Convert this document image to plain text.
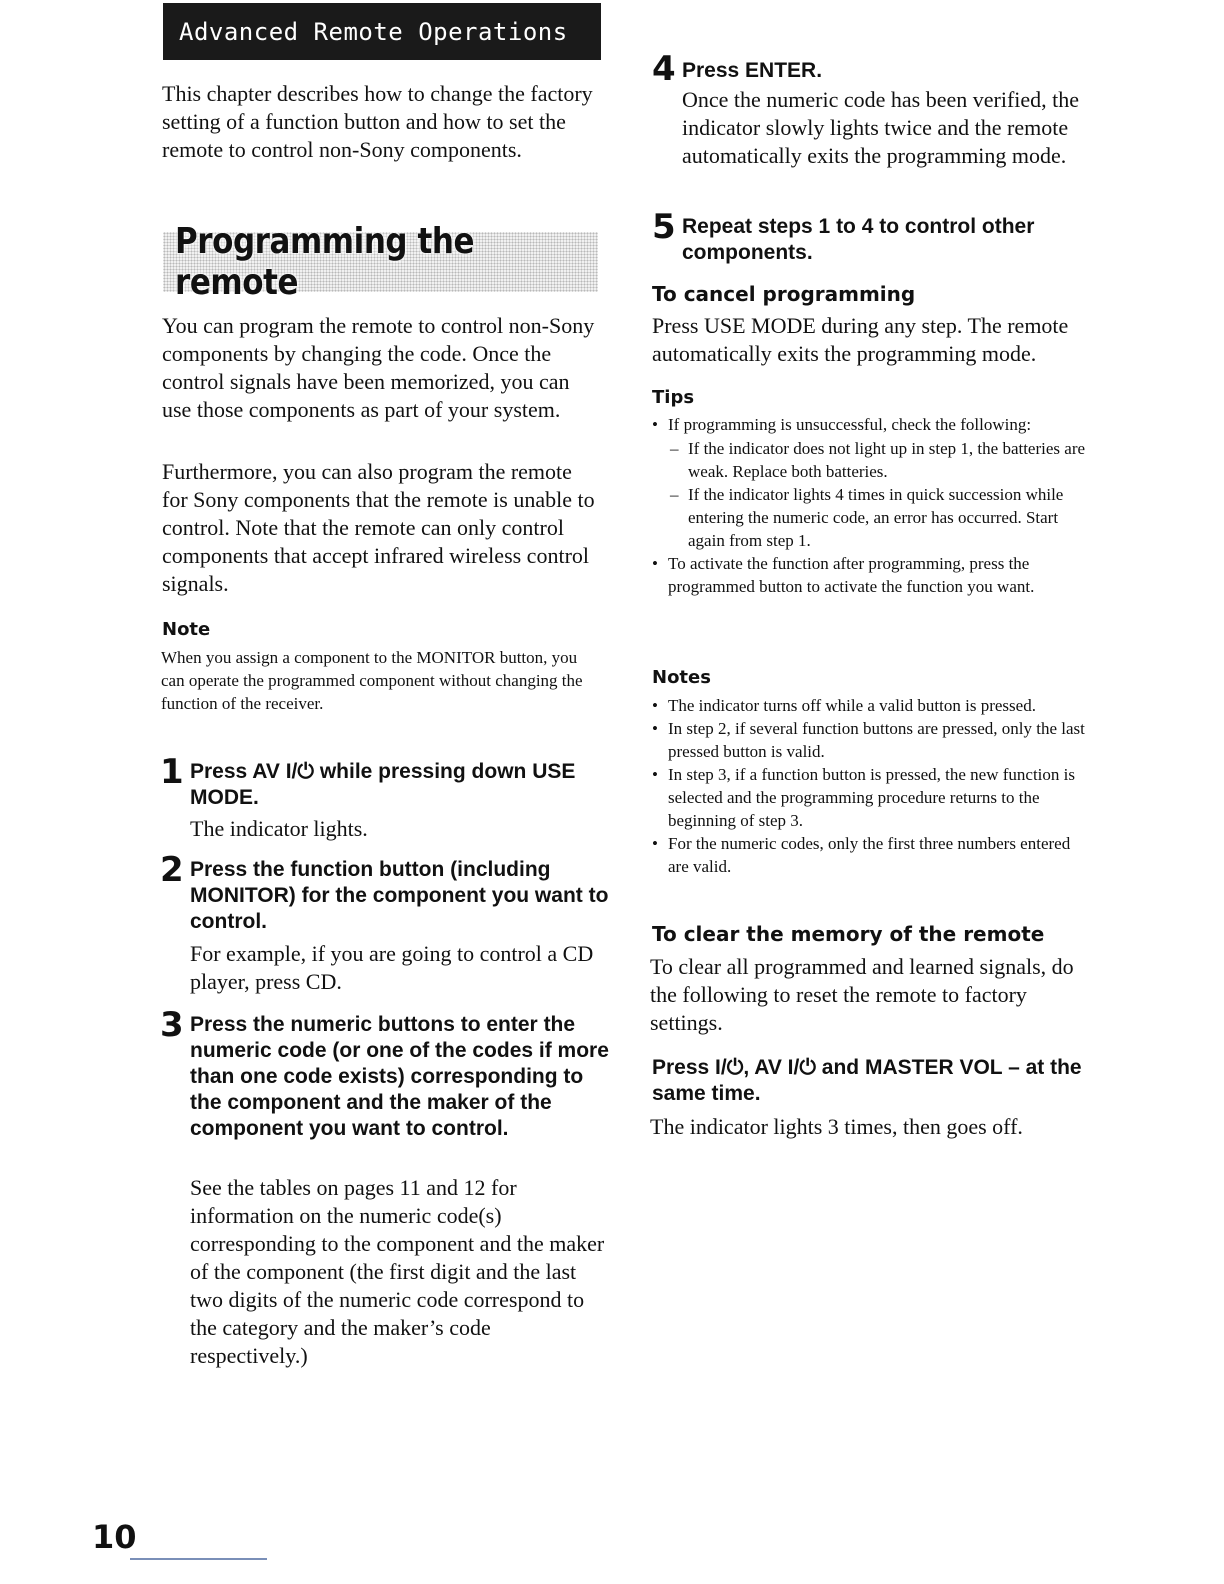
Advanced Remote Operations

This chapter describes how to change the factory setting of a function button and how to set the remote to control non-Sony components.

Programming the remote

You can program the remote to control non-Sony components by changing the code. Once the control signals have been memorized, you can use those components as part of your system.

Furthermore, you can also program the remote for Sony components that the remote is unable to control. Note that the remote can only control components that accept infrared wireless control signals.

Note

When you assign a component to the MONITOR button, you can operate the programmed component without changing the function of the receiver.

1 Press AV I/⏻ while pressing down USE MODE.

The indicator lights.

2 Press the function button (including MONITOR) for the component you want to control.

For example, if you are going to control a CD player, press CD.

3 Press the numeric buttons to enter the numeric code (or one of the codes if more than one code exists) corresponding to the component and the maker of the component you want to control.

See the tables on pages 11 and 12 for information on the numeric code(s) corresponding to the component and the maker of the component (the first digit and the last two digits of the numeric code correspond to the category and the maker’s code respectively.)

4 Press ENTER.

Once the numeric code has been verified, the indicator slowly lights twice and the remote automatically exits the programming mode.

5 Repeat steps 1 to 4 to control other components.

To cancel programming

Press USE MODE during any step. The remote automatically exits the programming mode.

Tips

• If programming is unsuccessful, check the following:
– If the indicator does not light up in step 1, the batteries are weak. Replace both batteries.
– If the indicator lights 4 times in quick succession while entering the numeric code, an error has occurred. Start again from step 1.
• To activate the function after programming, press the programmed button to activate the function you want.

Notes

• The indicator turns off while a valid button is pressed.
• In step 2, if several function buttons are pressed, only the last pressed button is valid.
• In step 3, if a function button is pressed, the new function is selected and the programming procedure returns to the beginning of step 3.
• For the numeric codes, only the first three numbers entered are valid.

To clear the memory of the remote

To clear all programmed and learned signals, do the following to reset the remote to factory settings.

Press I/⏻, AV I/⏻ and MASTER VOL – at the same time.

The indicator lights 3 times, then goes off.

10
